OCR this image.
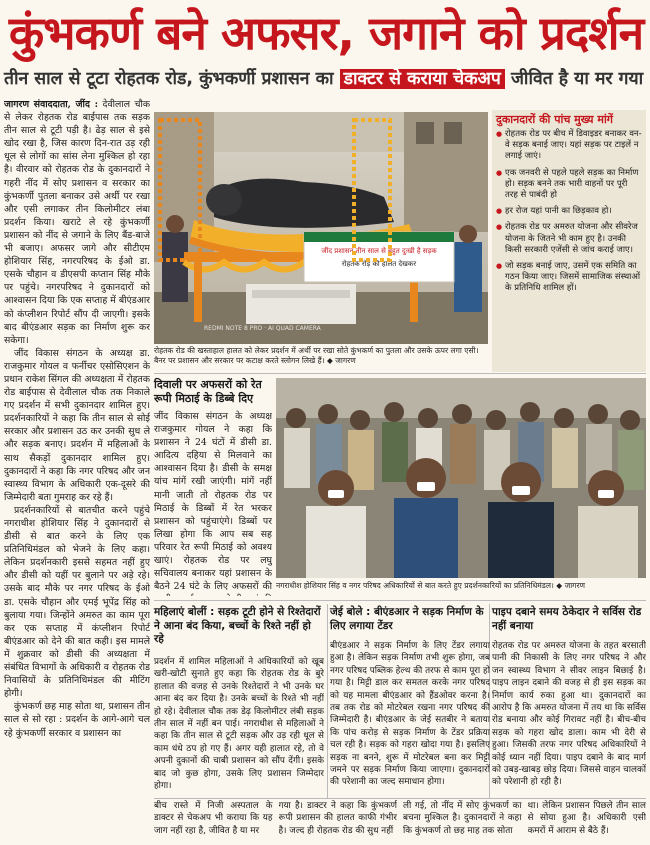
कुंभकर्ण बने अफसर, जगाने को प्रदर्शन
तीन साल से टूटा रोहतक रोड, कुंभकर्णी प्रशासन का डाक्टर से कराया चेकअप जीवित है या मर गया

जागरण संवाददाता, जींद : देवीलाल चौक से लेकर रोहतक रोड बाईपास तक सड़क तीन साल से टूटी पड़ी है। ढेड़ साल से इसे खोद रखा है, जिस कारण दिन-रात उड़ रही धूल से लोगों का सांस लेना मुश्किल हो रहा है। वीरवार को रोहतक रोड के दुकानदारों ने गहरी नींद में सोए प्रशासन व सरकार का कुंभकर्णी पुतला बनाकर उसे अर्थी पर रखा और एसी लगाकर तीन किलोमीटर लंबा प्रदर्शन किया। खराटे ले रहे कुंभकर्णी प्रशासन को नींद से जगाने के लिए बैंड-बाजे भी बजाए। अफसर जागे और सीटीएम होशियार सिंह, नगरपरिषद के ईओ डा. एसके चौहान व डीएसपी कप्तान सिंह मौके पर पहुंचे। नगरपरिषद ने दुकानदारों को आश्वासन दिया कि एक सप्ताह में बीएंडआर को कंप्लीशन रिपोर्ट सौंप दी जाएगी। इसके बाद बीएंडआर सड़क का निर्माण शुरू कर सकेगा।

जींद विकास संगठन के अध्यक्ष डा. राजकुमार गोयल व फर्नीचर एसोसिएशन के प्रधान राकेश सिंगल की अध्यक्षता में रोहतक रोड बाईपास से देवीलाल चौक तक निकाले गए प्रदर्शन में सभी दुकानदार शामिल हुए। प्रदर्शनकारियों ने कहा कि तीन साल से सोई सरकार और प्रशासन उठ कर उनकी सुध ले और सड़क बनाए। प्रदर्शन में महिलाओं के साथ सैकड़ों दुकानदार शामिल हुए। दुकानदारों ने कहा कि नगर परिषद और जन स्वास्थ्य विभाग के अधिकारी एक-दूसरे की जिम्मेदारी बता गुमराह कर रहे हैं।

प्रदर्शनकारियों से बातचीत करने पहुंचे नगराधीश होशियार सिंह ने दुकानदारों से डीसी से बात करने के लिए एक प्रतिनिधिमंडल को भेजने के लिए कहा। लेकिन प्रदर्शनकारी इससे सहमत नहीं हुए और डीसी को यहीं पर बुलाने पर अड़े रहे। उसके बाद मौके पर नगर परिषद के ईओ डा. एसके चौहान और एमई भूपेंद्र सिंह को बुलाया गया। जिन्होंने अमरुत का काम पूरा कर एक सप्ताह में कंप्लीशन रिपोर्ट बीएंडआर को देने की बात कही। इस मामले में शुक्रवार को डीसी की अध्यक्षता में संबंधित विभागों के अधिकारी व रोहतक रोड निवासियों के प्रतिनिधिमंडल की मीटिंग होगी।

कुंभकर्ण छह माह सोता था, प्रशासन तीन साल से सो रहा : प्रदर्शन के आगे-आगे चल रहे कुंभकर्णी सरकार व प्रशासन का

जींद प्रशासन तीन साल से बहुत दुःखी है सड़क
रोहतक रोड़ की हालत देखकर
REDMI NOTE 8 PRO · AI QUAD CAMERA
रोहतक रोड की खस्ताहाल हालत को लेकर प्रदर्शन में अर्थी पर रखा सोते कुंभकर्ण का पुतला और उसके ऊपर लगा एसी। बैनर पर प्रशासन और सरकार पर कटाक्ष करते स्लोगन लिखे हैं। ◆ जागरण
दुकानदारों की पांच मुख्य मांगें
● रोहतक रोड पर बीच में डिवाइडर बनाकर वन-वे सड़क बनाई जाए। यहां सड़क पर टाइलें न लगाई जाएं।
● एक जनवरी से पहले पहले सड़क का निर्माण हो। सड़क बनने तक भारी वाहनों पर पूरी तरह से पाबंदी हो
● हर रोज यहां पानी का छिड़काव हो।
● रोहतक रोड पर अमरुत योजना और सीवरेज योजना के जितने भी काम हुए है। उनकी किसी सरकारी एजेंसी से जांच कराई जाए।
● जो सड़क बनाई जाए, उसमें एक समिति का गठन किया जाए। जिसमें सामाजिक संस्थाओं के प्रतिनिधि शामिल हों।
दिवाली पर अफसरों को रेत रूपी मिठाई के डिब्बे दिए
जींद विकास संगठन के अध्यक्ष राजकुमार गोयल ने कहा कि प्रशासन ने 24 घंटों में डीसी डा. आदित्य दहिया से मिलवाने का आश्वासन दिया है। डीसी के समक्ष यांच मांगें रखी जाएंगी। मांगें नहीं मानी जाती तो रोहतक रोड पर मिठाई के डिब्बों में रेत भरकर प्रशासन को पहुंचाएंगे। डिब्बों पर लिखा होगा कि आप सब सह परिवार रेत रूपी मिठाई को अवश्य खाएं। रोहतक रोड पर लघु सचिवालय बनाकर यहां प्रशासन के बैठने 24 घंटे के लिए अफसरों की नगराधीश होशियार सिंह व नगर परिषद अधिकारियों से बात करते हुए प्रदर्शनकारियों का प्रतिनिधिमंडल। ◆ जागरण
महिलाएं बोलीं : सड़क टूटी होने से रिश्तेदारों ने आना बंद किया, बच्चों के रिश्ते नहीं हो रहे
जेई बोले : बीएंडआर ने सड़क निर्माण के लिए लगाया टेंडर
पाइप दबाने समय ठेकेदार ने सर्विस रोड नहीं बनाया
प्रदर्शन में शामिल महिलाओं ने अधिकारियों को खूब खरी-खोटी सुनाते हुए कहा कि रोहतक रोड के बुरे हालात की वजह से उनके रिश्तेदारों ने भी उनके घर आना बंद कर दिया है। उनके बच्चों के रिश्ते भी नहीं हो रहे। देवीलाल चौक तक डेढ़ किलोमीटर लंबी सड़क तीन साल में नहीं बन पाई। नगराधीश से महिलाओं ने कहा कि तीन साल से टूटी सड़क और उड़ रही धूल से काम धंधे ठप हो गए हैं। अगर यही हालात रहे, तो वे अपनी दुकानों की चाबी प्रशासन को सौंप देंगी। इसके बाद जो कुछ होगा, उसके लिए प्रशासन जिम्मेदार होगा।
बीएंडआर ने सड़क निर्माण के लिए टेंडर लगाया हुआ है। लेकिन सड़क निर्माण तभी शुरू होगा, जब नगर परिषद पब्लिक हेल्थ की तरफ से काम पूरा हो गया है। मिट्टी डाल कर समतल करके नगर परिषद को यह मामला बीएंडआर को हैंडओवर करना है। तब तक रोड को मोटरेबल रखना नगर परिषद की जिम्मेदारी है। बीएंडआर के जेई सतबीर ने बताया कि पांच करोड़ से सड़क निर्माण के टेंडर प्रक्रिया चल रही है। सड़क को गहरा खोदा गया है। इसलिए सड़क ना बनने, शुरू में मोटरेबल बना कर मिट्टी जमने पर सड़क निर्माण किया जाएगा। दुकानदारों की परेशानी का जल्द समाधान होगा।
रोहतक रोड पर अमरुत योजना के तहत बरसाती पानी की निकासी के लिए नगर परिषद ने और जन स्वास्थ्य विभाग ने सीवर लाइन बिछाई है। पाइप लाइन दबाने की वजह से ही इस सड़क का निर्माण कार्य रुका हुआ था। दुकानदारों का आरोप है कि अमरुत योजना में तय था कि सर्विस रोड बनाया और कोई गिरावट नहीं है। बीच-बीच सड़क को गहरा खोद डाला। काम भी देरी से हुआ। जिसकी तरफ नगर परिषद अधिकारियों ने कोई ध्यान नहीं दिया। पाइप दबाने के बाद मार्ग को उबड़-खाबड़ छोड़ दिया। जिससे वाहन चालकों को परेशानी हो रही है।
बीच रास्ते में निजी अस्पताल के डाक्टर से चेकअप भी कराया कि यह जाग नहीं रहा है, जीवित है या मर
गया है। डाक्टर ने कहा कि कुंभकर्ण रूपी प्रशासन की हालत काफी गंभीर है। जल्द ही रोहतक रोड की सुध नहीं
ली गई, तो नींद में सोए कुंभकर्ण का बचना मुश्किल है। दुकानदारों ने कहा कि कुंभकर्ण तो छह माह तक सोता
था। लेकिन प्रशासन पिछले तीन साल से सोया हुआ है। अधिकारी एसी कमरों में आराम से बैठे हैं।
